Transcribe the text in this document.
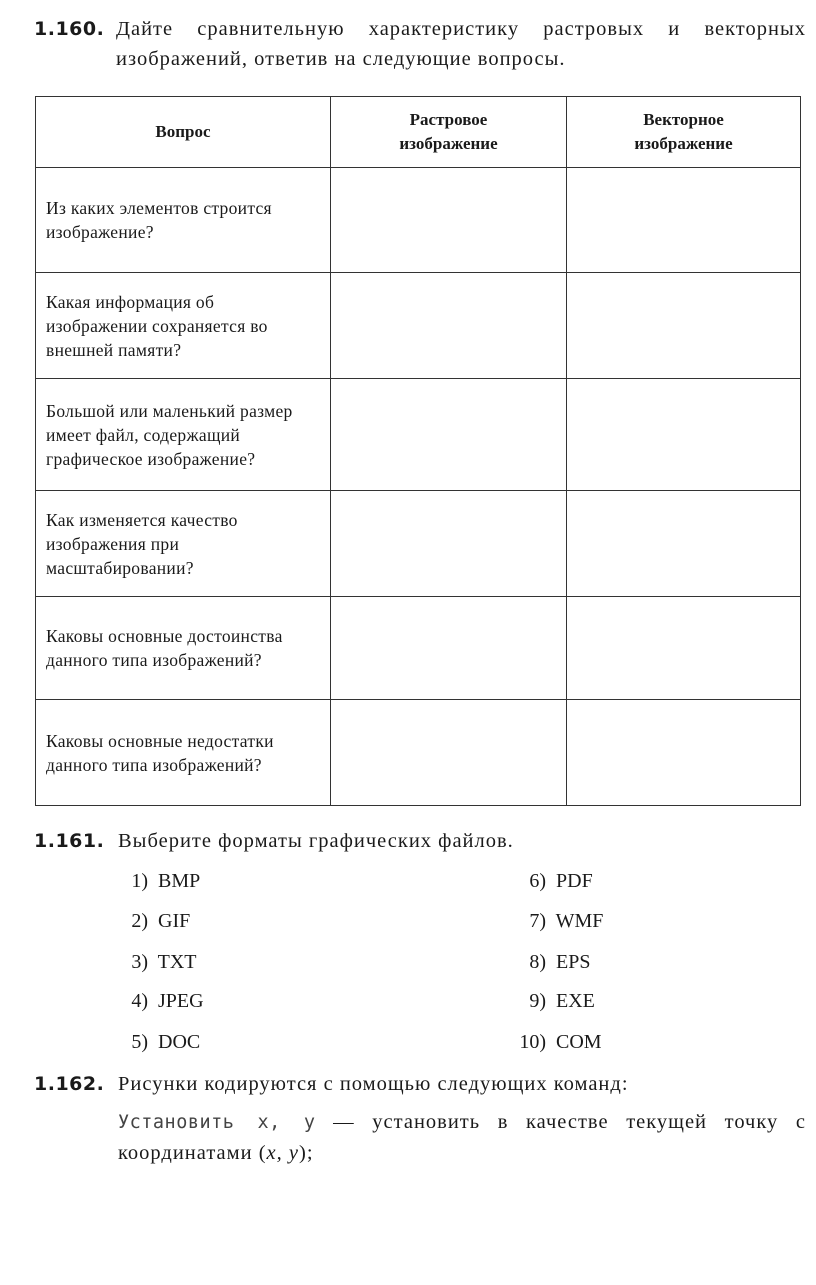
1.160. Дайте сравнительную характеристику растровых и векторных изображений, ответив на следующие вопросы.
Вопрос	Растровое изображение	Векторное изображение

Из каких элементов строится изображение?		

Какая информация об изображении сохраняется во внешней памяти?		

Большой или маленький размер имеет файл, содержащий графическое изображение?		

Как изменяется качество изображения при масштабировании?		

Каковы основные достоинства данного типа изображений?		

Каковы основные недостатки данного типа изображений?		

1.161. Выберите форматы графических файлов.
1) BMP
2) GIF
3) TXT
4) JPEG
5) DOC
6) PDF
7) WMF
8) EPS
9) EXE
10) COM
1.162. Рисунки кодируются с помощью следующих команд:
Установить x, y — установить в качестве текущей точку с координатами (x, y);
